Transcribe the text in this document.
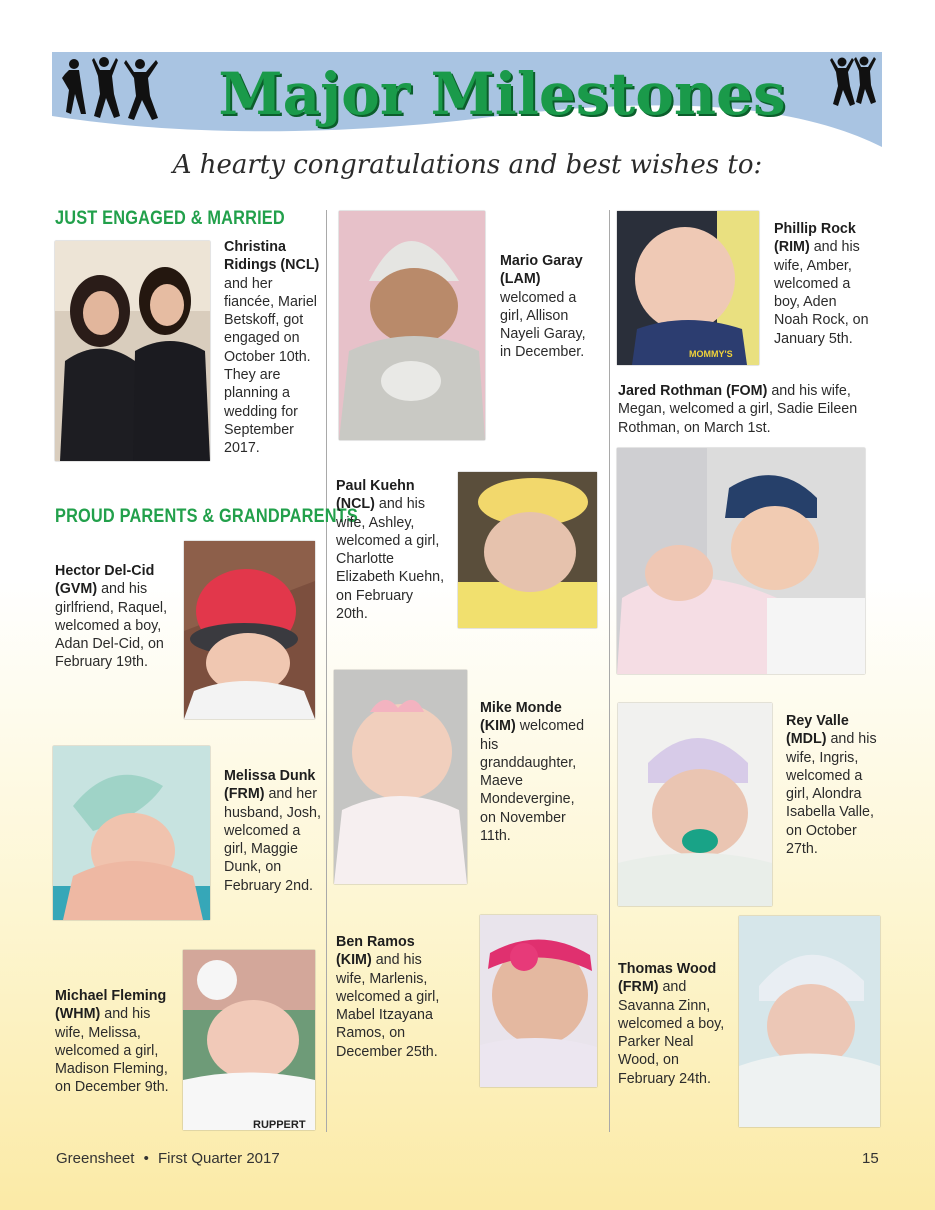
Major Milestones
A hearty congratulations and best wishes to:
JUST ENGAGED & MARRIED
Christina Ridings (NCL) and her fiancée, Mariel Betskoff, got engaged on October 10th. They are planning a wedding for September 2017.
PROUD PARENTS & GRANDPARENTS
Hector Del-Cid (GVM) and his girlfriend, Raquel, welcomed a boy, Adan Del-Cid, on February 19th.
Melissa Dunk (FRM) and her husband, Josh, welcomed a girl, Maggie Dunk, on February 2nd.
Michael Fleming (WHM) and his wife, Melissa, welcomed a girl, Madison Fleming, on December 9th.
RUPPERT
Mario Garay (LAM) welcomed a girl, Allison Nayeli Garay, in December.
Paul Kuehn (NCL) and his wife, Ashley, welcomed a girl, Charlotte Elizabeth Kuehn, on February 20th.
Mike Monde (KIM) welcomed his granddaughter, Maeve Mondevergine, on November 11th.
Ben Ramos (KIM) and his wife, Marlenis, welcomed a girl, Mabel Itzayana Ramos, on December 25th.
MOMMY'S
Phillip Rock (RIM) and his wife, Amber, welcomed a boy, Aden Noah Rock, on January 5th.
Jared Rothman (FOM) and his wife, Megan, welcomed a girl, Sadie Eileen Rothman, on March 1st.
Rey Valle (MDL) and his wife, Ingris, welcomed a girl, Alondra Isabella Valle, on October 27th.
Thomas Wood (FRM) and Savanna Zinn, welcomed a boy, Parker Neal Wood, on February 24th.
Greensheet • First Quarter 2017	15
